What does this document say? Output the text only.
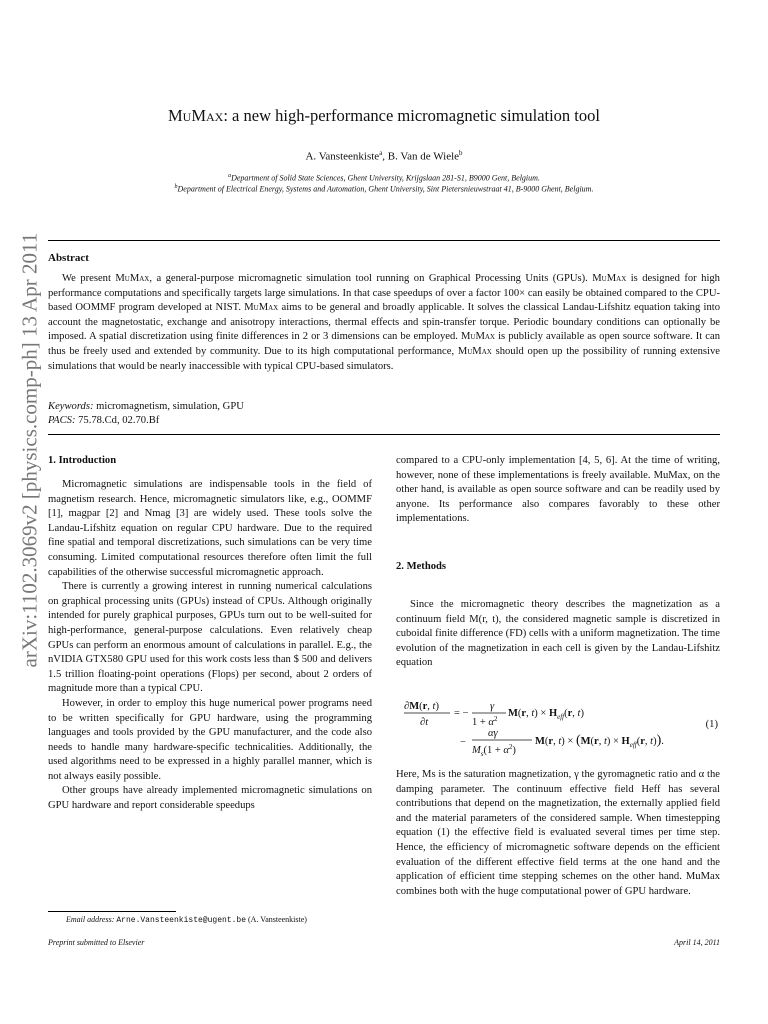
arXiv:1102.3069v2 [physics.comp-ph] 13 Apr 2011
MuMax: a new high-performance micromagnetic simulation tool
A. Vansteenkiste$^a$, B. Van de Wiele$^b$
$^a$Department of Solid State Sciences, Ghent University, Krijgslaan 281-S1, B9000 Gent, Belgium.
$^b$Department of Electrical Energy, Systems and Automation, Ghent University, Sint Pietersnieuwstraat 41, B-9000 Ghent, Belgium.
Abstract

We present MuMax, a general-purpose micromagnetic simulation tool running on Graphical Processing Units (GPUs). MuMax is designed for high performance computations and specifically targets large simulations. In that case speedups of over a factor 100× can easily be obtained compared to the CPU-based OOMMF program developed at NIST. MuMax aims to be general and broadly applicable. It solves the classical Landau-Lifshitz equation taking into account the magnetostatic, exchange and anisotropy interactions, thermal effects and spin-transfer torque. Periodic boundary conditions can optionally be imposed. A spatial discretization using finite differences in 2 or 3 dimensions can be employed. MuMax is publicly available as open source software. It can thus be freely used and extended by community. Due to its high computational performance, MuMax should open up the possibility of running extensive simulations that would be nearly inaccessible with typical CPU-based simulators.

Keywords: micromagnetism, simulation, GPU
PACS: 75.78.Cd, 02.70.Bf
1. Introduction

Micromagnetic simulations are indispensable tools in the field of magnetism research. Hence, micromagnetic simulators like, e.g., OOMMF [1], magpar [2] and Nmag [3] are widely used. These tools solve the Landau-Lifshitz equation on regular CPU hardware. Due to the required fine spatial and temporal discretizations, such simulations can be very time consuming. Limited computational resources therefore often limit the full capabilities of the otherwise successful micromagnetic approach.

There is currently a growing interest in running numerical calculations on graphical processing units (GPUs) instead of CPUs. Although originally intended for purely graphical purposes, GPUs turn out to be well-suited for high-performance, general-purpose calculations. Even relatively cheap GPUs can perform an enormous amount of calculations in parallel. E.g., the nVIDIA GTX580 GPU used for this work costs less than $ 500 and delivers 1.5 trillion floating-point operations (Flops) per second, about 2 orders of magnitude more than a typical CPU.

However, in order to employ this huge numerical power programs need to be written specifically for GPU hardware, using the programming languages and tools provided by the GPU manufacturer, and the code also needs to handle many hardware-specific technicalities. Additionally, the used algorithms need to be expressed in a highly parallel manner, which is not always easily possible.

Other groups have already implemented micromagnetic simulations on GPU hardware and report considerable speedups

compared to a CPU-only implementation [4, 5, 6]. At the time of writing, however, none of these implementations is freely available. MuMax, on the other hand, is available as open source software and can be readily used by anyone. Its performance also compares favorably to these other implementations.

2. Methods

Since the micromagnetic theory describes the magnetization as a continuum field M(r, t), the considered magnetic sample is discretized in cuboidal finite difference (FD) cells with a uniform magnetization. The time evolution of the magnetization in each cell is given by the Landau-Lifshitz equation

∂M(r, t)
∂t
= −
γ
$1 + \alpha^2$ M(r, $t) \times H_{eff}(r$, t)
−
αγ
$M_s(1 + \alpha^2)$
M(r, t) × (M(r, $t) \times H_{eff}(r$, t)).
(1)

Here, Ms is the saturation magnetization, γ the gyromagnetic ratio and α the damping parameter. The continuum effective field Heff has several contributions that depend on the magnetization, the externally applied field and the material parameters of the considered sample. When timestepping equation (1) the effective field is evaluated several times per time step. Hence, the efficiency of micromagnetic software depends on the efficient evaluation of the different effective field terms at the one hand and the application of efficient time stepping schemes on the other hand. MuMax combines both with the huge computational power of GPU hardware.

Email address: Arne.Vansteenkiste@ugent.be (A. Vansteenkiste)
Preprint submitted to Elsevier	April 14, 2011
